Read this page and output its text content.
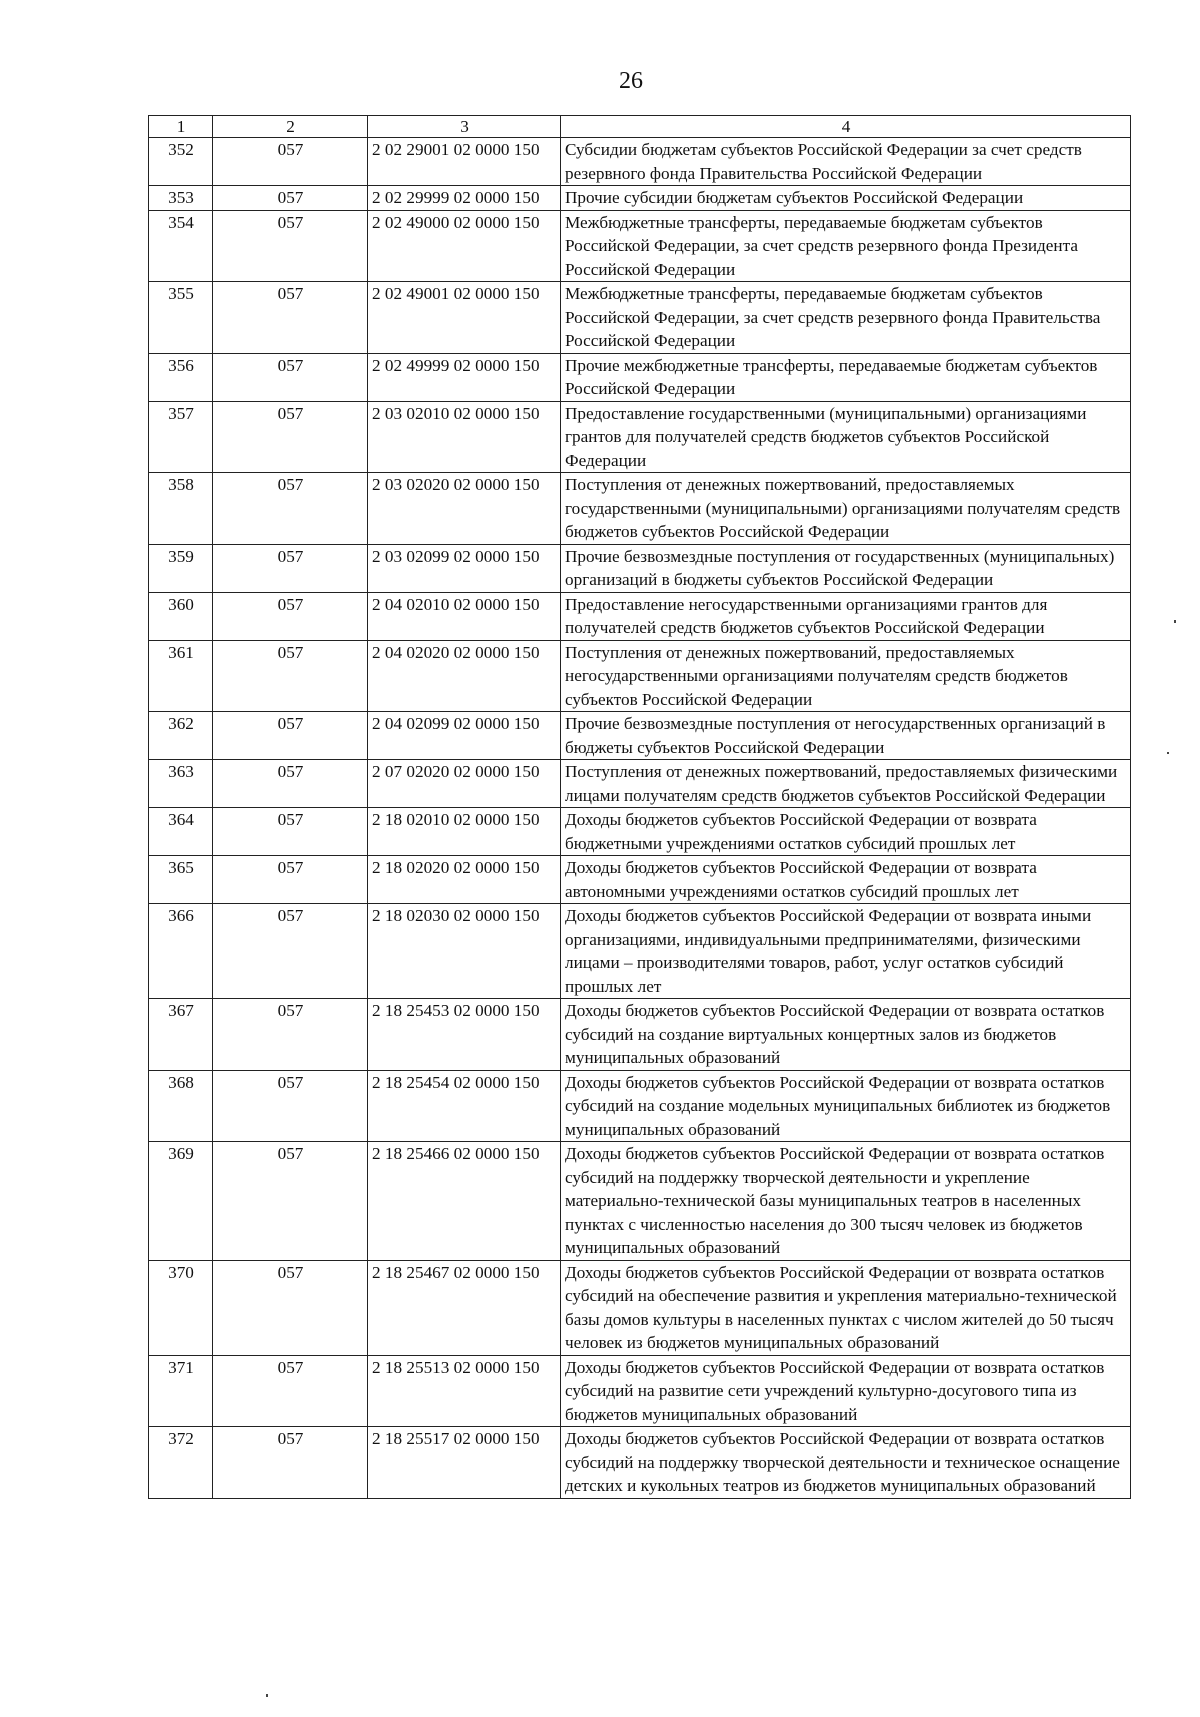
26
1	2	3	4
352	057	2 02 29001 02 0000 150	Субсидии бюджетам субъектов Российской Федерации за счет средств резервного фонда Правительства Российской Федерации
353	057	2 02 29999 02 0000 150	Прочие субсидии бюджетам субъектов Российской Федерации
354	057	2 02 49000 02 0000 150	Межбюджетные трансферты, передаваемые бюджетам субъектов Российской Федерации, за счет средств резервного фонда Президента Российской Федерации
355	057	2 02 49001 02 0000 150	Межбюджетные трансферты, передаваемые бюджетам субъектов Российской Федерации, за счет средств резервного фонда Правительства Российской Федерации
356	057	2 02 49999 02 0000 150	Прочие межбюджетные трансферты, передаваемые бюджетам субъектов Российской Федерации
357	057	2 03 02010 02 0000 150	Предоставление государственными (муниципальными) организациями грантов для получателей средств бюджетов субъектов Российской Федерации
358	057	2 03 02020 02 0000 150	Поступления от денежных пожертвований, предоставляемых государственными (муниципальными) организациями получателям средств бюджетов субъектов Российской Федерации
359	057	2 03 02099 02 0000 150	Прочие безвозмездные поступления от государственных (муниципальных) организаций в бюджеты субъектов Российской Федерации
360	057	2 04 02010 02 0000 150	Предоставление негосударственными организациями грантов для получателей средств бюджетов субъектов Российской Федерации
361	057	2 04 02020 02 0000 150	Поступления от денежных пожертвований, предоставляемых негосударственными организациями получателям средств бюджетов субъектов Российской Федерации
362	057	2 04 02099 02 0000 150	Прочие безвозмездные поступления от негосударственных организаций в бюджеты субъектов Российской Федерации
363	057	2 07 02020 02 0000 150	Поступления от денежных пожертвований, предоставляемых физическими лицами получателям средств бюджетов субъектов Российской Федерации
364	057	2 18 02010 02 0000 150	Доходы бюджетов субъектов Российской Федерации от возврата бюджетными учреждениями остатков субсидий прошлых лет
365	057	2 18 02020 02 0000 150	Доходы бюджетов субъектов Российской Федерации от возврата автономными учреждениями остатков субсидий прошлых лет
366	057	2 18 02030 02 0000 150	Доходы бюджетов субъектов Российской Федерации от возврата иными организациями, индивидуальными предпринимателями, физическими лицами – производителями товаров, работ, услуг остатков субсидий прошлых лет
367	057	2 18 25453 02 0000 150	Доходы бюджетов субъектов Российской Федерации от возврата остатков субсидий на создание виртуальных концертных залов из бюджетов муниципальных образований
368	057	2 18 25454 02 0000 150	Доходы бюджетов субъектов Российской Федерации от возврата остатков субсидий на создание модельных муниципальных библиотек из бюджетов муниципальных образований
369	057	2 18 25466 02 0000 150	Доходы бюджетов субъектов Российской Федерации от возврата остатков субсидий на поддержку творческой деятельности и укрепление материально-технической базы муниципальных театров в населенных пунктах с численностью населения до 300 тысяч человек из бюджетов муниципальных образований
370	057	2 18 25467 02 0000 150	Доходы бюджетов субъектов Российской Федерации от возврата остатков субсидий на обеспечение развития и укрепления материально-технической базы домов культуры в населенных пунктах с числом жителей до 50 тысяч человек из бюджетов муниципальных образований
371	057	2 18 25513 02 0000 150	Доходы бюджетов субъектов Российской Федерации от возврата остатков субсидий на развитие сети учреждений культурно-досугового типа из бюджетов муниципальных образований
372	057	2 18 25517 02 0000 150	Доходы бюджетов субъектов Российской Федерации от возврата остатков субсидий на поддержку творческой деятельности и техническое оснащение детских и кукольных театров из бюджетов муниципальных образований
